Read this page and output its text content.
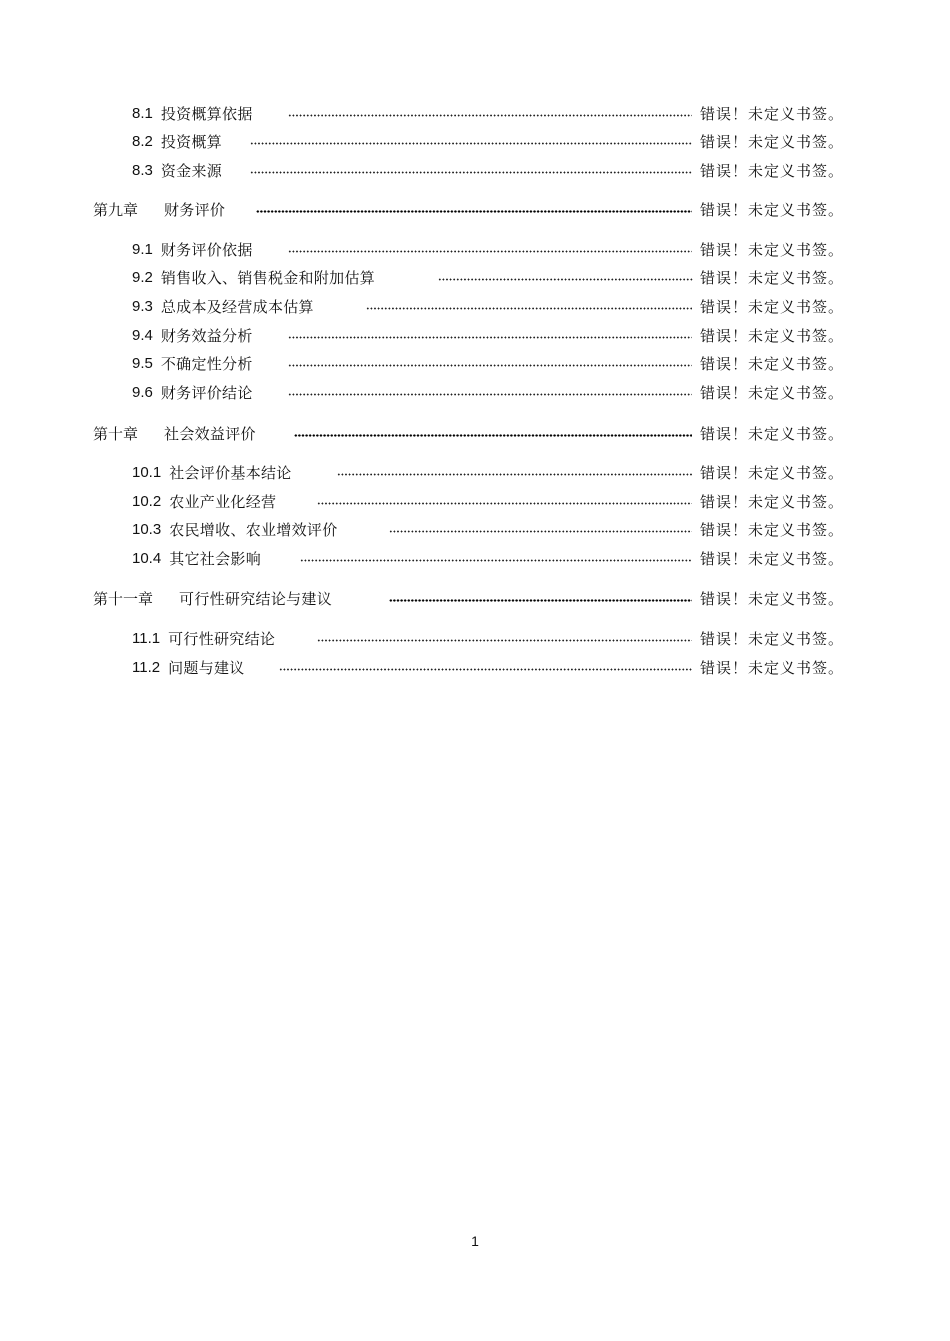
8.1 投资概算依据	错误！未定义书签。
8.2 投资概算	错误！未定义书签。
8.3 资金来源	错误！未定义书签。
第九章 财务评价	错误！未定义书签。
9.1 财务评价依据	错误！未定义书签。
9.2 销售收入、销售税金和附加估算	错误！未定义书签。
9.3 总成本及经营成本估算	错误！未定义书签。
9.4 财务效益分析	错误！未定义书签。
9.5 不确定性分析	错误！未定义书签。
9.6 财务评价结论	错误！未定义书签。
第十章 社会效益评价	错误！未定义书签。
10.1 社会评价基本结论	错误！未定义书签。
10.2 农业产业化经营	错误！未定义书签。
10.3 农民增收、农业增效评价	错误！未定义书签。
10.4 其它社会影响	错误！未定义书签。
第十一章 可行性研究结论与建议	错误！未定义书签。
11.1 可行性研究结论	错误！未定义书签。
11.2 问题与建议	错误！未定义书签。
1
